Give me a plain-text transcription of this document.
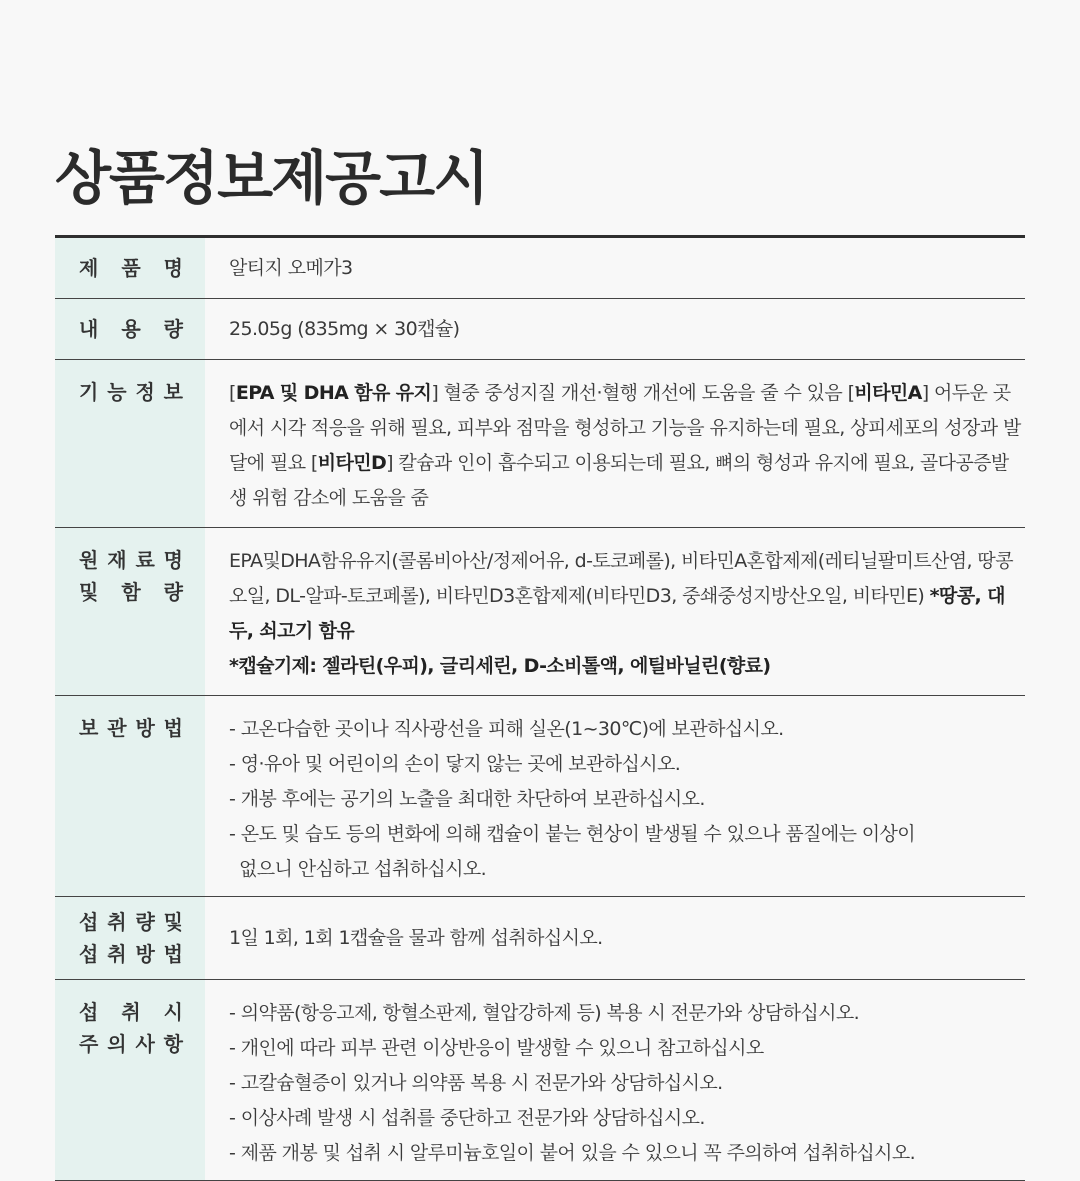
상품정보제공고시
제 품 명 알티지 오메가3
내 용 량 25.05g (835mg × 30캡슐)
기 능 정 보	[EPA 및 DHA 함유 유지] 혈중 중성지질 개선·혈행 개선에 도움을 줄 수 있음 [비타민A] 어두운 곳에서 시각 적응을 위해 필요, 피부와 점막을 형성하고 기능을 유지하는데 필요, 상피세포의 성장과 발달에 필요 [비타민D] 칼슘과 인이 흡수되고 이용되는데 필요, 뼈의 형성과 유지에 필요, 골다공증발생 위험 감소에 도움을 줌
원 재 료 명
및 함 량
EPA및DHA함유유지(콜롬비아산/정제어유, d-토코페롤), 비타민A혼합제제(레티닐팔미트산염, 땅콩오일, DL-알파-토코페롤), 비타민D3혼합제제(비타민D3, 중쇄중성지방산오일, 비타민E) *땅콩, 대두, 쇠고기 함유
*캡슐기제: 젤라틴(우피), 글리세린, D-소비톨액, 에틸바닐린(향료)
보 관 방 법 - 고온다습한 곳이나 직사광선을 피해 실온(1~30℃)에 보관하십시오.
- 영·유아 및 어린이의 손이 닿지 않는 곳에 보관하십시오.
- 개봉 후에는 공기의 노출을 최대한 차단하여 보관하십시오.
- 온도 및 습도 등의 변화에 의해 캡슐이 붙는 현상이 발생될 수 있으나 품질에는 이상이
없으니 안심하고 섭취하십시오.
섭 취 량 및
섭 취 방 법
1일 1회, 1회 1캡슐을 물과 함께 섭취하십시오.
섭 취 시
주 의 사 항
- 의약품(항응고제, 항혈소판제, 혈압강하제 등) 복용 시 전문가와 상담하십시오.
- 개인에 따라 피부 관련 이상반응이 발생할 수 있으니 참고하십시오
- 고칼슘혈증이 있거나 의약품 복용 시 전문가와 상담하십시오.
- 이상사례 발생 시 섭취를 중단하고 전문가와 상담하십시오.
- 제품 개봉 및 섭취 시 알루미늄호일이 붙어 있을 수 있으니 꼭 주의하여 섭취하십시오.
